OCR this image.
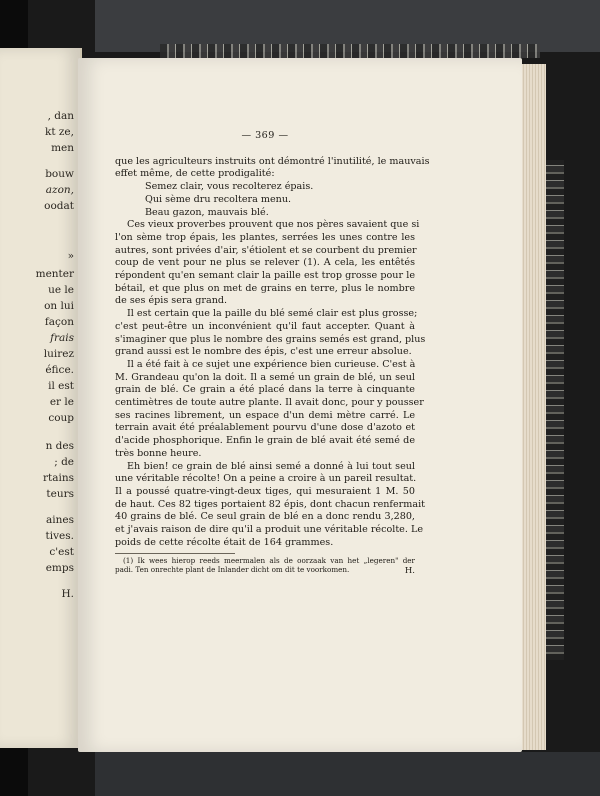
, dan
kt ze,
men
bouw
azon,
oodat
»
menter
ue le
on lui
façon
frais
luirez
éfice.
il est
er le
coup
n des
; de
rtains
teurs
aines
tives.
c'est
emps
H.
— 369 —
que les agriculteurs instruits ont démontré l'inutilité, le mauvais
effet même, de cette prodigalité:
Semez clair, vous recolterez épais.
Qui sème dru recoltera menu.
Beau gazon, mauvais blé.
Ces vieux proverbes prouvent que nos pères savaient que si
l'on sème trop épais, les plantes, serrées les unes contre les
autres, sont privées d'air, s'étiolent et se courbent du premier
coup de vent pour ne plus se relever (1). A cela, les entêtés
répondent qu'en semant clair la paille est trop grosse pour le
bétail, et que plus on met de grains en terre, plus le nombre
de ses épis sera grand.
Il est certain que la paille du blé semé clair est plus grosse;
c'est peut-être un inconvénient qu'il faut accepter. Quant à
s'imaginer que plus le nombre des grains semés est grand, plus
grand aussi est le nombre des épis, c'est une erreur absolue.
Il a été fait à ce sujet une expérience bien curieuse. C'est à
M. Grandeau qu'on la doit. Il a semé un grain de blé, un seul
grain de blé. Ce grain a été placé dans la terre à cinquante
centimètres de toute autre plante. Il avait donc, pour y pousser
ses racines librement, un espace d'un demi mètre carré. Le
terrain avait été préalablement pourvu d'une dose d'azoto et
d'acide phosphorique. Enfin le grain de blé avait été semé de
très bonne heure.
Eh bien! ce grain de blé ainsi semé a donné à lui tout seul
une véritable récolte! On a peine a croire à un pareil resultat.
Il a poussé quatre-vingt-deux tiges, qui mesuraient 1 M. 50
de haut. Ces 82 tiges portaient 82 épis, dont chacun renfermait
40 grains de blé. Ce seul grain de blé en a donc rendu 3,280,
et j'avais raison de dire qu'il a produit une véritable récolte. Le
poids de cette récolte était de 164 grammes.
(1) Ik wees hierop reeds meermalen als de oorzaak van het „legeren" der
padi. Ten onrechte plant de Inlander dicht om dit te voorkomen.	H.
